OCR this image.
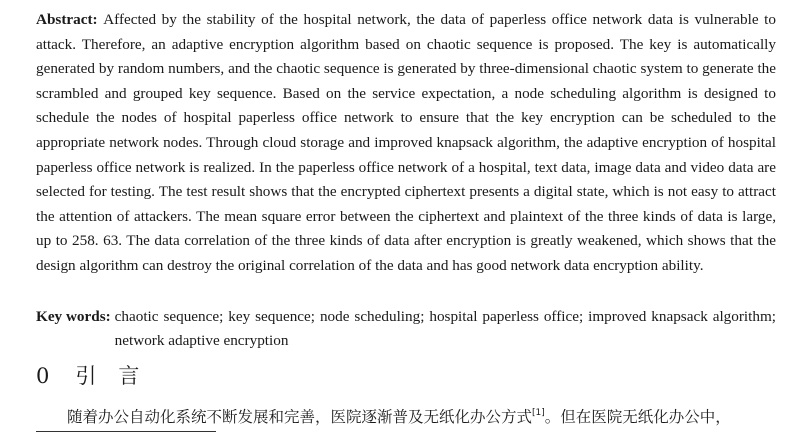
Abstract: Affected by the stability of the hospital network, the data of paperless office network data is vulnerable to attack. Therefore, an adaptive encryption algorithm based on chaotic sequence is proposed. The key is automatically generated by random numbers, and the chaotic sequence is generated by three-dimensional chaotic system to generate the scrambled and grouped key sequence. Based on the service expectation, a node scheduling algorithm is designed to schedule the nodes of hospital paperless office network to ensure that the key encryption can be scheduled to the appropriate network nodes. Through cloud storage and improved knapsack algorithm, the adaptive encryption of hospital paperless office network is realized. In the paperless office network of a hospital, text data, image data and video data are selected for testing. The test result shows that the encrypted ciphertext presents a digital state, which is not easy to attract the attention of attackers. The mean square error between the ciphertext and plaintext of the three kinds of data is large, up to 258. 63. The data correlation of the three kinds of data after encryption is greatly weakened, which shows that the design algorithm can destroy the original correlation of the data and has good network data encryption ability.

Key words: chaotic sequence; key sequence; node scheduling; hospital paperless office; improved knapsack algorithm; network adaptive encryption
0 引言

随着办公自动化系统不断发展和完善，医院逐渐普及无纸化办公方式[1]。但在医院无纸化办公中，
